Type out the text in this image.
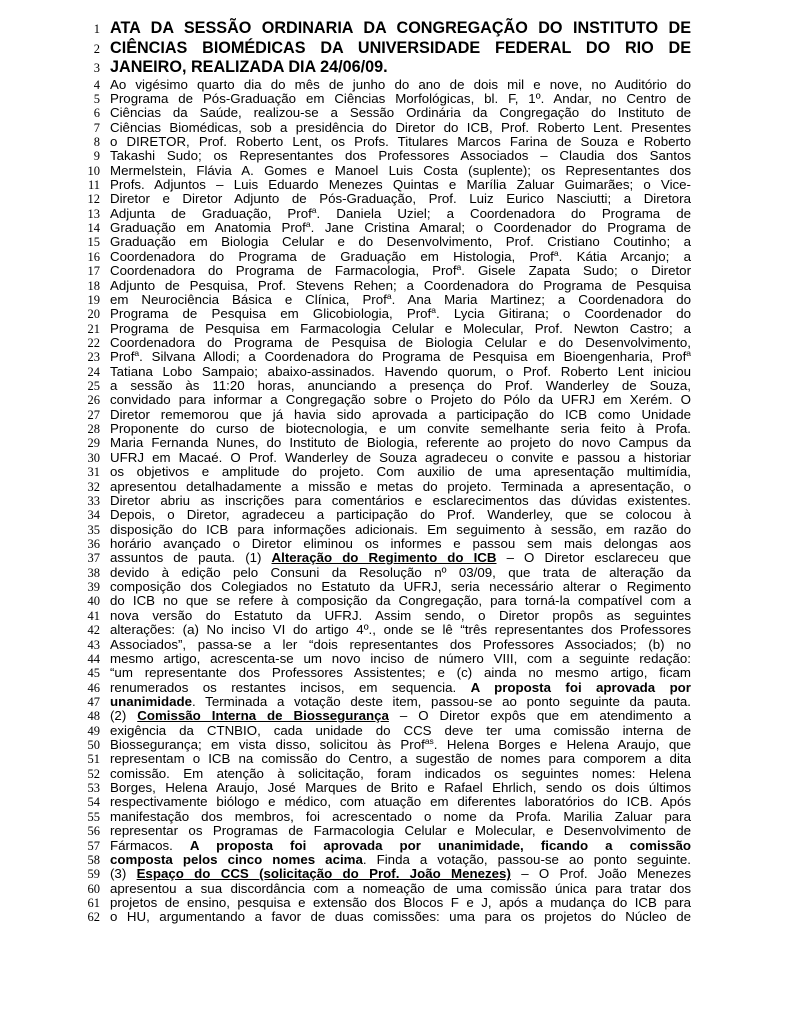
1 ATA DA SESSÃO ORDINARIA DA CONGREGAÇÃO DO INSTITUTO DE
2 CIÊNCIAS BIOMÉDICAS DA UNIVERSIDADE FEDERAL DO RIO DE
3 JANEIRO, REALIZADA DIA 24/06/09.
4 Ao vigésimo quarto dia do mês de junho do ano de dois mil e nove, no Auditório do
5 Programa de Pós-Graduação em Ciências Morfológicas, bl. F, 1º. Andar, no Centro de
6 Ciências da Saúde, realizou-se a Sessão Ordinária da Congregação do Instituto de
7 Ciências Biomédicas, sob a presidência do Diretor do ICB, Prof. Roberto Lent. Presentes
8 o DIRETOR, Prof. Roberto Lent, os Profs. Titulares Marcos Farina de Souza e Roberto
9 Takashi Sudo; os Representantes dos Professores Associados – Claudia dos Santos
10 Mermelstein, Flávia A. Gomes e Manoel Luis Costa (suplente); os Representantes dos
11 Profs. Adjuntos – Luis Eduardo Menezes Quintas e Marília Zaluar Guimarães; o Vice-
12 Diretor e Diretor Adjunto de Pós-Graduação, Prof. Luiz Eurico Nasciutti; a Diretora
13 Adjunta de Graduação, Prof$^a$. Daniela Uziel; a Coordenadora do Programa de
14 Graduação em Anatomia Prof$^a$. Jane Cristina Amaral; o Coordenador do Programa de
15 Graduação em Biologia Celular e do Desenvolvimento, Prof. Cristiano Coutinho; a
16 Coordenadora do Programa de Graduação em Histologia, Prof$^a$. Kátia Arcanjo; a
17 Coordenadora do Programa de Farmacologia, Prof$^a$. Gisele Zapata Sudo; o Diretor
18 Adjunto de Pesquisa, Prof. Stevens Rehen; a Coordenadora do Programa de Pesquisa
19 em Neurociência Básica e Clínica, Prof$^a$. Ana Maria Martinez; a Coordenadora do
20 Programa de Pesquisa em Glicobiologia, Prof$^a$. Lycia Gitirana; o Coordenador do
21 Programa de Pesquisa em Farmacologia Celular e Molecular, Prof. Newton Castro; a
22 Coordenadora do Programa de Pesquisa de Biologia Celular e do Desenvolvimento,
23 Prof$^a$. Silvana Allodi; a Coordenadora do Programa de Pesquisa em Bioengenharia, Prof$^a$
24 Tatiana Lobo Sampaio; abaixo-assinados. Havendo quorum, o Prof. Roberto Lent iniciou
25 a sessão às 11:20 horas, anunciando a presença do Prof. Wanderley de Souza,
26 convidado para informar a Congregação sobre o Projeto do Pólo da UFRJ em Xerém. O
27 Diretor rememorou que já havia sido aprovada a participação do ICB como Unidade
28 Proponente do curso de biotecnologia, e um convite semelhante seria feito à Profa.
29 Maria Fernanda Nunes, do Instituto de Biologia, referente ao projeto do novo Campus da
30 UFRJ em Macaé. O Prof. Wanderley de Souza agradeceu o convite e passou a historiar
31 os objetivos e amplitude do projeto. Com auxilio de uma apresentação multimídia,
32 apresentou detalhadamente a missão e metas do projeto. Terminada a apresentação, o
33 Diretor abriu as inscrições para comentários e esclarecimentos das dúvidas existentes.
34 Depois, o Diretor, agradeceu a participação do Prof. Wanderley, que se colocou à
35 disposição do ICB para informações adicionais. Em seguimento à sessão, em razão do
36 horário avançado o Diretor eliminou os informes e passou sem mais delongas aos
37 assuntos de pauta. (1) Alteração do Regimento do ICB – O Diretor esclareceu que
38 devido à edição pelo Consuni da Resolução nº 03/09, que trata de alteração da
39 composição dos Colegiados no Estatuto da UFRJ, seria necessário alterar o Regimento
40 do ICB no que se refere à composição da Congregação, para torná-la compatível com a
41 nova versão do Estatuto da UFRJ. Assim sendo, o Diretor propôs as seguintes
42 alterações: (a) No inciso VI do artigo 4º., onde se lê “três representantes dos Professores
43 Associados”, passa-se a ler “dois representantes dos Professores Associados; (b) no
44 mesmo artigo, acrescenta-se um novo inciso de número VIII, com a seguinte redação:
45 “um representante dos Professores Assistentes; e (c) ainda no mesmo artigo, ficam
46 renumerados os restantes incisos, em sequencia. A proposta foi aprovada por
47 unanimidade. Terminada a votação deste item, passou-se ao ponto seguinte da pauta.
48 (2) Comissão Interna de Biossegurança – O Diretor expôs que em atendimento a
49 exigência da CTNBIO, cada unidade do CCS deve ter uma comissão interna de
50 Biossegurança; em vista disso, solicitou às Prof$^{as}$. Helena Borges e Helena Araujo, que
51 representam o ICB na comissão do Centro, a sugestão de nomes para comporem a dita
52 comissão. Em atenção à solicitação, foram indicados os seguintes nomes: Helena
53 Borges, Helena Araujo, José Marques de Brito e Rafael Ehrlich, sendo os dois últimos
54 respectivamente biólogo e médico, com atuação em diferentes laboratórios do ICB. Após
55 manifestação dos membros, foi acrescentado o nome da Profa. Marilia Zaluar para
56 representar os Programas de Farmacologia Celular e Molecular, e Desenvolvimento de
57 Fármacos. A proposta foi aprovada por unanimidade, ficando a comissão
58 composta pelos cinco nomes acima. Finda a votação, passou-se ao ponto seguinte.
59 (3) Espaço do CCS (solicitação do Prof. João Menezes) – O Prof. João Menezes
60 apresentou a sua discordância com a nomeação de uma comissão única para tratar dos
61 projetos de ensino, pesquisa e extensão dos Blocos F e J, após a mudança do ICB para
62 o HU, argumentando a favor de duas comissões: uma para os projetos do Núcleo de
